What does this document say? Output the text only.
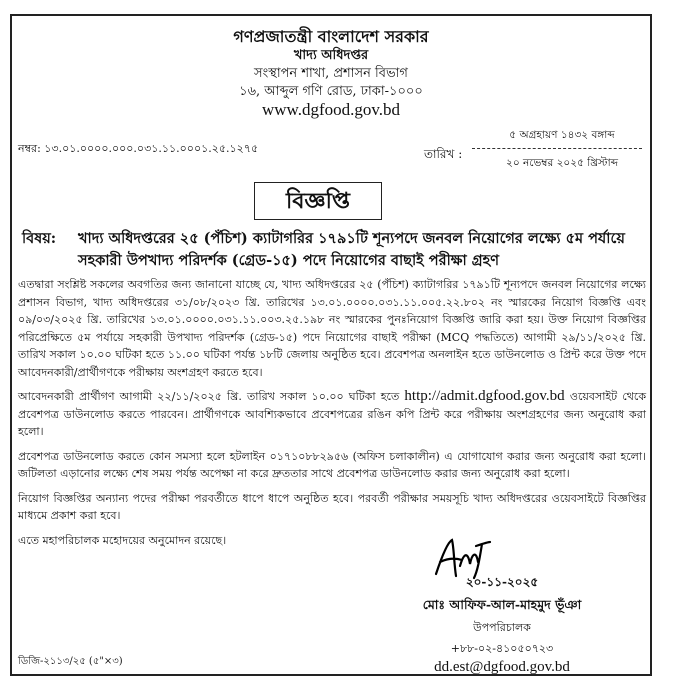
গণপ্রজাতন্ত্রী বাংলাদেশ সরকার
খাদ্য অধিদপ্তর
সংস্থাপন শাখা, প্রশাসন বিভাগ
১৬, আব্দুল গণি রোড, ঢাকা-১০০০
www.dgfood.gov.bd
নম্বর: ১৩.০১.০০০০.০০০.০৩১.১১.০০০১.২৫.১২৭৫	তারিখ :
৫ অগ্রহায়ণ ১৪৩২ বঙ্গাব্দ
২০ নভেম্বর ২০২৫ খ্রিস্টাব্দ
বিজ্ঞপ্তি
বিষয়:	খাদ্য অধিদপ্তরের ২৫ (পঁচিশ) ক্যাটাগরির ১৭৯১টি শূন্যপদে জনবল নিয়োগের লক্ষ্যে ৫ম পর্যায়ে সহকারী উপখাদ্য পরিদর্শক (গ্রেড-১৫) পদে নিয়োগের বাছাই পরীক্ষা গ্রহণ

এতদ্বারা সংশ্লিষ্ট সকলের অবগতির জন্য জানানো যাচ্ছে যে, খাদ্য অধিদপ্তরের ২৫ (পঁচিশ) ক্যাটাগরির ১৭৯১টি শূন্যপদে জনবল নিয়োগের লক্ষ্যে প্রশাসন বিভাগ, খাদ্য অধিদপ্তরের ৩১/০৮/২০২৩ খ্রি. তারিখের ১৩.০১.০০০০.০৩১.১১.০০৫.২২.৮০২ নং স্মারকের নিয়োগ বিজ্ঞপ্তি এবং ০৯/০৩/২০২৫ খ্রি. তারিখের ১৩.০১.০০০০.০৩১.১১.০০৩.২৫.১৯৮ নং স্মারকের পুনঃনিয়োগ বিজ্ঞপ্তি জারি করা হয়। উক্ত নিয়োগ বিজ্ঞপ্তির পরিপ্রেক্ষিতে ৫ম পর্যায়ে সহকারী উপখাদ্য পরিদর্শক (গ্রেড-১৫) পদে নিয়োগের বাছাই পরীক্ষা (MCQ পদ্ধতিতে) আগামী ২৯/১১/২০২৫ খ্রি. তারিখ সকাল ১০.০০ ঘটিকা হতে ১১.০০ ঘটিকা পর্যন্ত ১৮টি জেলায় অনুষ্ঠিত হবে। প্রবেশপত্র অনলাইন হতে ডাউনলোড ও প্রিন্ট করে উক্ত পদে আবেদনকারী/প্রার্থীগণকে পরীক্ষায় অংশগ্রহণ করতে হবে।

আবেদনকারী প্রার্থীগণ আগামী ২২/১১/২০২৫ খ্রি. তারিখ সকাল ১০.০০ ঘটিকা হতে http://admit.dgfood.gov.bd ওয়েবসাইট থেকে প্রবেশপত্র ডাউনলোড করতে পারবেন। প্রার্থীগণকে আবশ্যিকভাবে প্রবেশপত্রের রঙিন কপি প্রিন্ট করে পরীক্ষায় অংশগ্রহণের জন্য অনুরোধ করা হলো।

প্রবেশপত্র ডাউনলোড করতে কোন সমস্যা হলে হটলাইন ০১৭১০৮৮২৯৫৬ (অফিস চলাকালীন) এ যোগাযোগ করার জন্য অনুরোধ করা হলো। জটিলতা এড়ানোর লক্ষ্যে শেষ সময় পর্যন্ত অপেক্ষা না করে দ্রুততার সাথে প্রবেশপত্র ডাউনলোড করার জন্য অনুরোধ করা হলো।

নিয়োগ বিজ্ঞপ্তির অন্যান্য পদের পরীক্ষা পরবর্তীতে ধাপে ধাপে অনুষ্ঠিত হবে। পরবর্তী পরীক্ষার সময়সূচি খাদ্য অধিদপ্তরের ওয়েবসাইটে বিজ্ঞপ্তির মাধ্যমে প্রকাশ করা হবে।

এতে মহাপরিচালক মহোদয়ের অনুমোদন রয়েছে।

২০-১১-২০২৫
মোঃ আফিফ-আল-মাহমুদ ভূঁঞা
উপপরিচালক
+৮৮-০২-৪১০৫০৭২৩
dd.est@dgfood.gov.bd
ডিজি-২১১৩/২৫ (৫"×৩)
